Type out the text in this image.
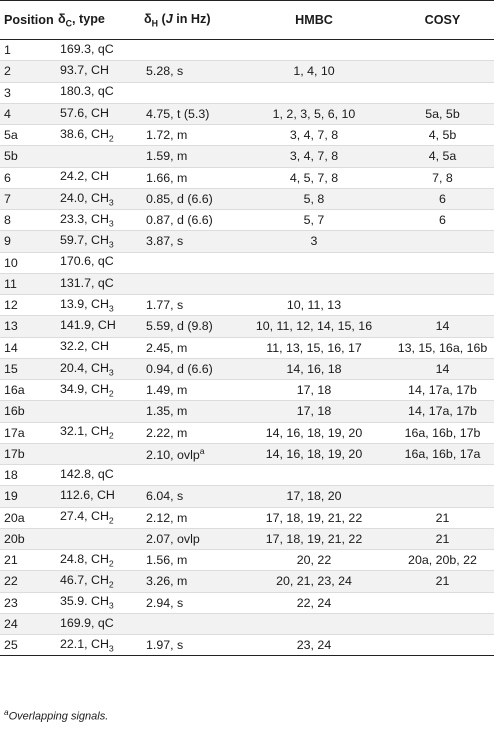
Position	$\delta_C$, type	$\delta_H$ (J in Hz)	HMBC	COSY
1	169.3, qC			
2	93.7, CH	5.28, s	1, 4, 10	
3	180.3, qC			
4	57.6, CH	4.75, t (5.3)	1, 2, 3, 5, 6, 10	5a, 5b
5a	38.6, $CH_2$	1.72, m	3, 4, 7, 8	4, 5b
5b		1.59, m	3, 4, 7, 8	4, 5a
6	24.2, CH	1.66, m	4, 5, 7, 8	7, 8
7	24.0, $CH_3$	0.85, d (6.6)	5, 8	6
8	23.3, $CH_3$	0.87, d (6.6)	5, 7	6
9	59.7, $CH_3$	3.87, s	3	
10	170.6, qC			
11	131.7, qC			
12	13.9, $CH_3$	1.77, s	10, 11, 13	
13	141.9, CH	5.59, d (9.8)	10, 11, 12, 14, 15, 16	14
14	32.2, CH	2.45, m	11, 13, 15, 16, 17	13, 15, 16a, 16b
15	20.4, $CH_3$	0.94, d (6.6)	14, 16, 18	14
16a	34.9, $CH_2$	1.49, m	17, 18	14, 17a, 17b
16b		1.35, m	17, 18	14, 17a, 17b
17a	32.1, $CH_2$	2.22, m	14, 16, 18, 19, 20	16a, 16b, 17b
17b		2.10, ovlp$^a$	14, 16, 18, 19, 20	16a, 16b, 17a
18	142.8, qC			
19	112.6, CH	6.04, s	17, 18, 20	
20a	27.4, $CH_2$	2.12, m	17, 18, 19, 21, 22	21
20b		2.07, ovlp	17, 18, 19, 21, 22	21
21	24.8, $CH_2$	1.56, m	20, 22	20a, 20b, 22
22	46.7, $CH_2$	3.26, m	20, 21, 23, 24	21
23	35.9. $CH_3$	2.94, s	22, 24	
24	169.9, qC			
25	22.1, $CH_3$	1.97, s	23, 24	
$^a$Overlapping signals.
